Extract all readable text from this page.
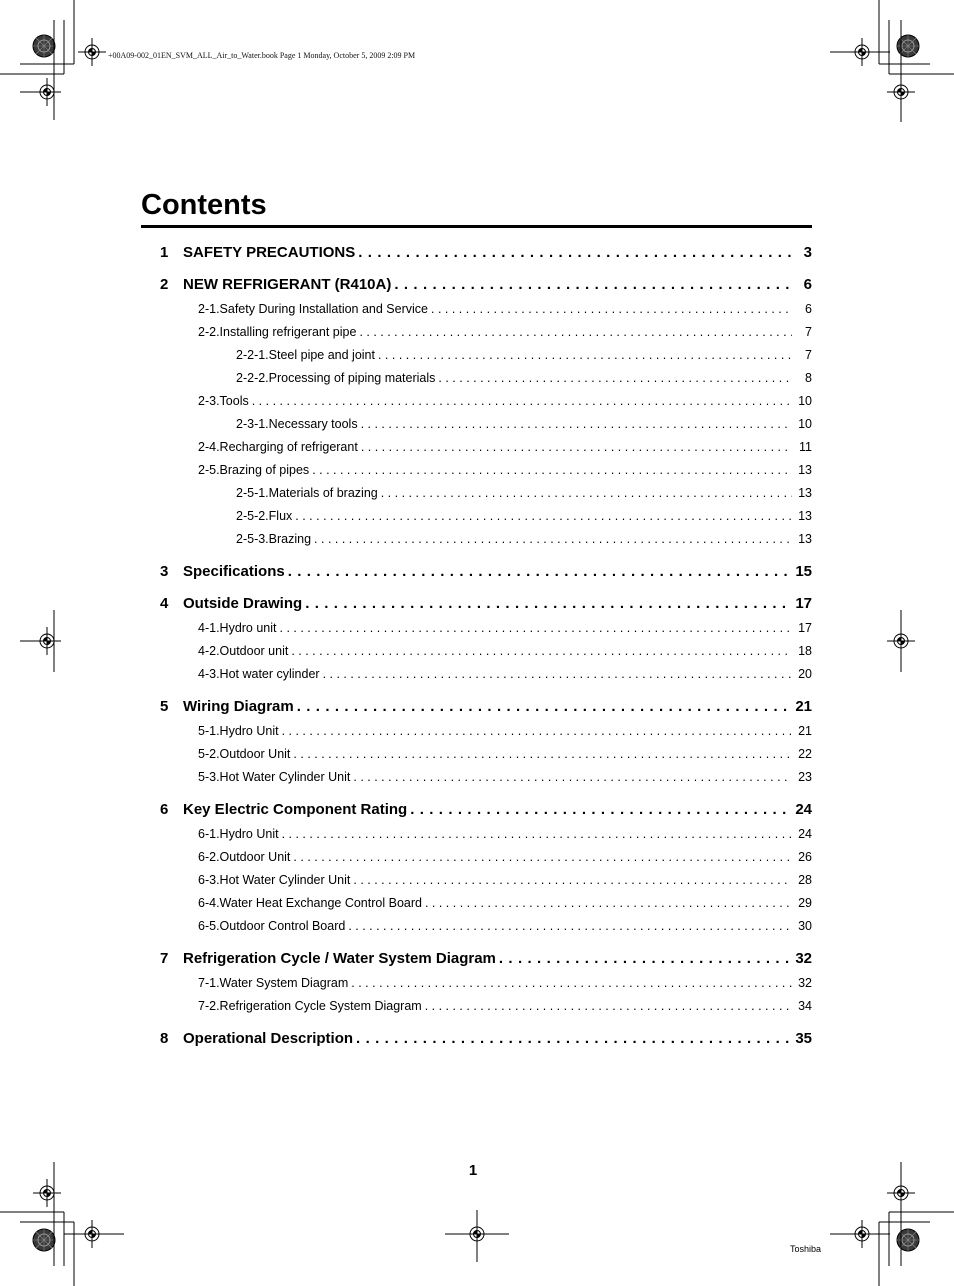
+00A09-002_01EN_SVM_ALL_Air_to_Water.book Page 1 Monday, October 5, 2009 2:09 PM
Contents
1 SAFETY PRECAUTIONS . . .	3
2 NEW REFRIGERANT (R410A) . . .	6
2-1.Safety During Installation and Service . . .	6
2-2.Installing refrigerant pipe . . .	7
2-2-1.Steel pipe and joint . . .	7
2-2-2.Processing of piping materials . . .	8
2-3.Tools . . .	10
2-3-1.Necessary tools . . .	10
2-4.Recharging of refrigerant . . .	11
2-5.Brazing of pipes . . .	13
2-5-1.Materials of brazing . . .	13
2-5-2.Flux . . .	13
2-5-3.Brazing . . .	13
3 Specifications . . .	15
4 Outside Drawing . . .	17
4-1.Hydro unit . . .	17
4-2.Outdoor unit . . .	18
4-3.Hot water cylinder . . .	20
5 Wiring Diagram . . .	21
5-1.Hydro Unit . . .	21
5-2.Outdoor Unit . . .	22
5-3.Hot Water Cylinder Unit . . .	23
6 Key Electric Component Rating . . .	24
6-1.Hydro Unit . . .	24
6-2.Outdoor Unit . . .	26
6-3.Hot Water Cylinder Unit . . .	28
6-4.Water Heat Exchange Control Board . . .	29
6-5.Outdoor Control Board . . .	30
7 Refrigeration Cycle / Water System Diagram . . .	32
7-1.Water System Diagram . . .	32
7-2.Refrigeration Cycle System Diagram . . .	34
8 Operational Description . . .	35
1
Toshiba
